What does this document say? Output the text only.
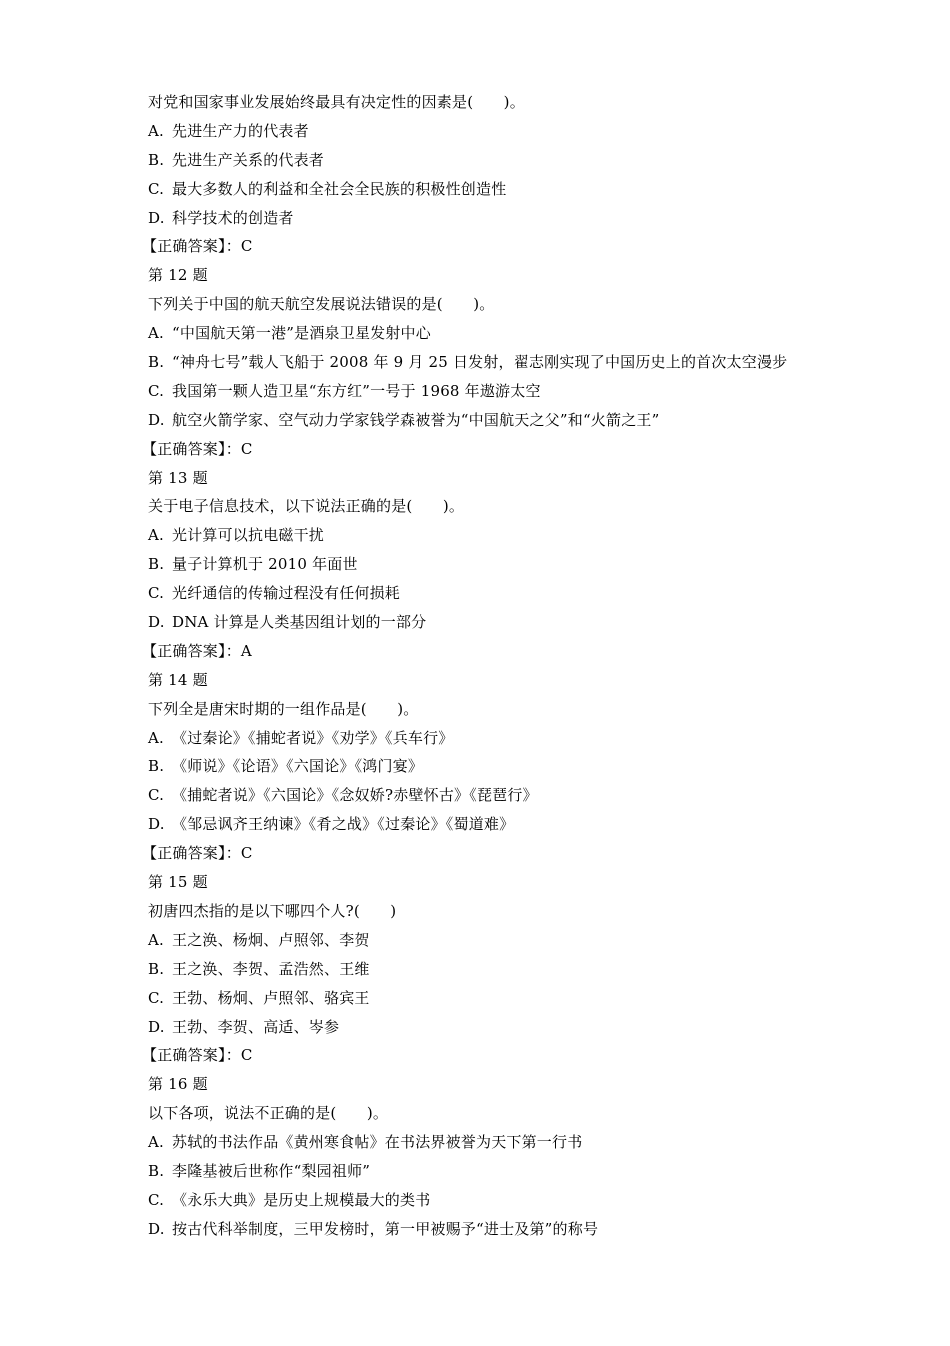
对党和国家事业发展始终最具有决定性的因素是(　　)。
A. 先进生产力的代表者
B. 先进生产关系的代表者
C. 最大多数人的利益和全社会全民族的积极性创造性
D. 科学技术的创造者
【正确答案】：C
第 12 题
下列关于中国的航天航空发展说法错误的是(　　)。
A. “中国航天第一港”是酒泉卫星发射中心
B. “神舟七号”载人飞船于 2008 年 9 月 25 日发射，翟志刚实现了中国历史上的首次太空漫步
C. 我国第一颗人造卫星“东方红”一号于 1968 年遨游太空
D. 航空火箭学家、空气动力学家钱学森被誉为“中国航天之父”和“火箭之王”
【正确答案】：C
第 13 题
关于电子信息技术，以下说法正确的是(　　)。
A. 光计算可以抗电磁干扰
B. 量子计算机于 2010 年面世
C. 光纤通信的传输过程没有任何损耗
D. DNA 计算是人类基因组计划的一部分
【正确答案】：A
第 14 题
下列全是唐宋时期的一组作品是(　　)。
A. 《过秦论》《捕蛇者说》《劝学》《兵车行》
B. 《师说》《论语》《六国论》《鸿门宴》
C. 《捕蛇者说》《六国论》《念奴娇?赤壁怀古》《琵琶行》
D. 《邹忌讽齐王纳谏》《肴之战》《过秦论》《蜀道难》
【正确答案】：C
第 15 题
初唐四杰指的是以下哪四个人?(　　)
A. 王之涣、杨炯、卢照邻、李贺
B. 王之涣、李贺、孟浩然、王维
C. 王勃、杨炯、卢照邻、骆宾王
D. 王勃、李贺、高适、岑参
【正确答案】：C
第 16 题
以下各项，说法不正确的是(　　)。
A. 苏轼的书法作品《黄州寒食帖》在书法界被誉为天下第一行书
B. 李隆基被后世称作“梨园祖师”
C. 《永乐大典》是历史上规模最大的类书
D. 按古代科举制度，三甲发榜时，第一甲被赐予“进士及第”的称号
